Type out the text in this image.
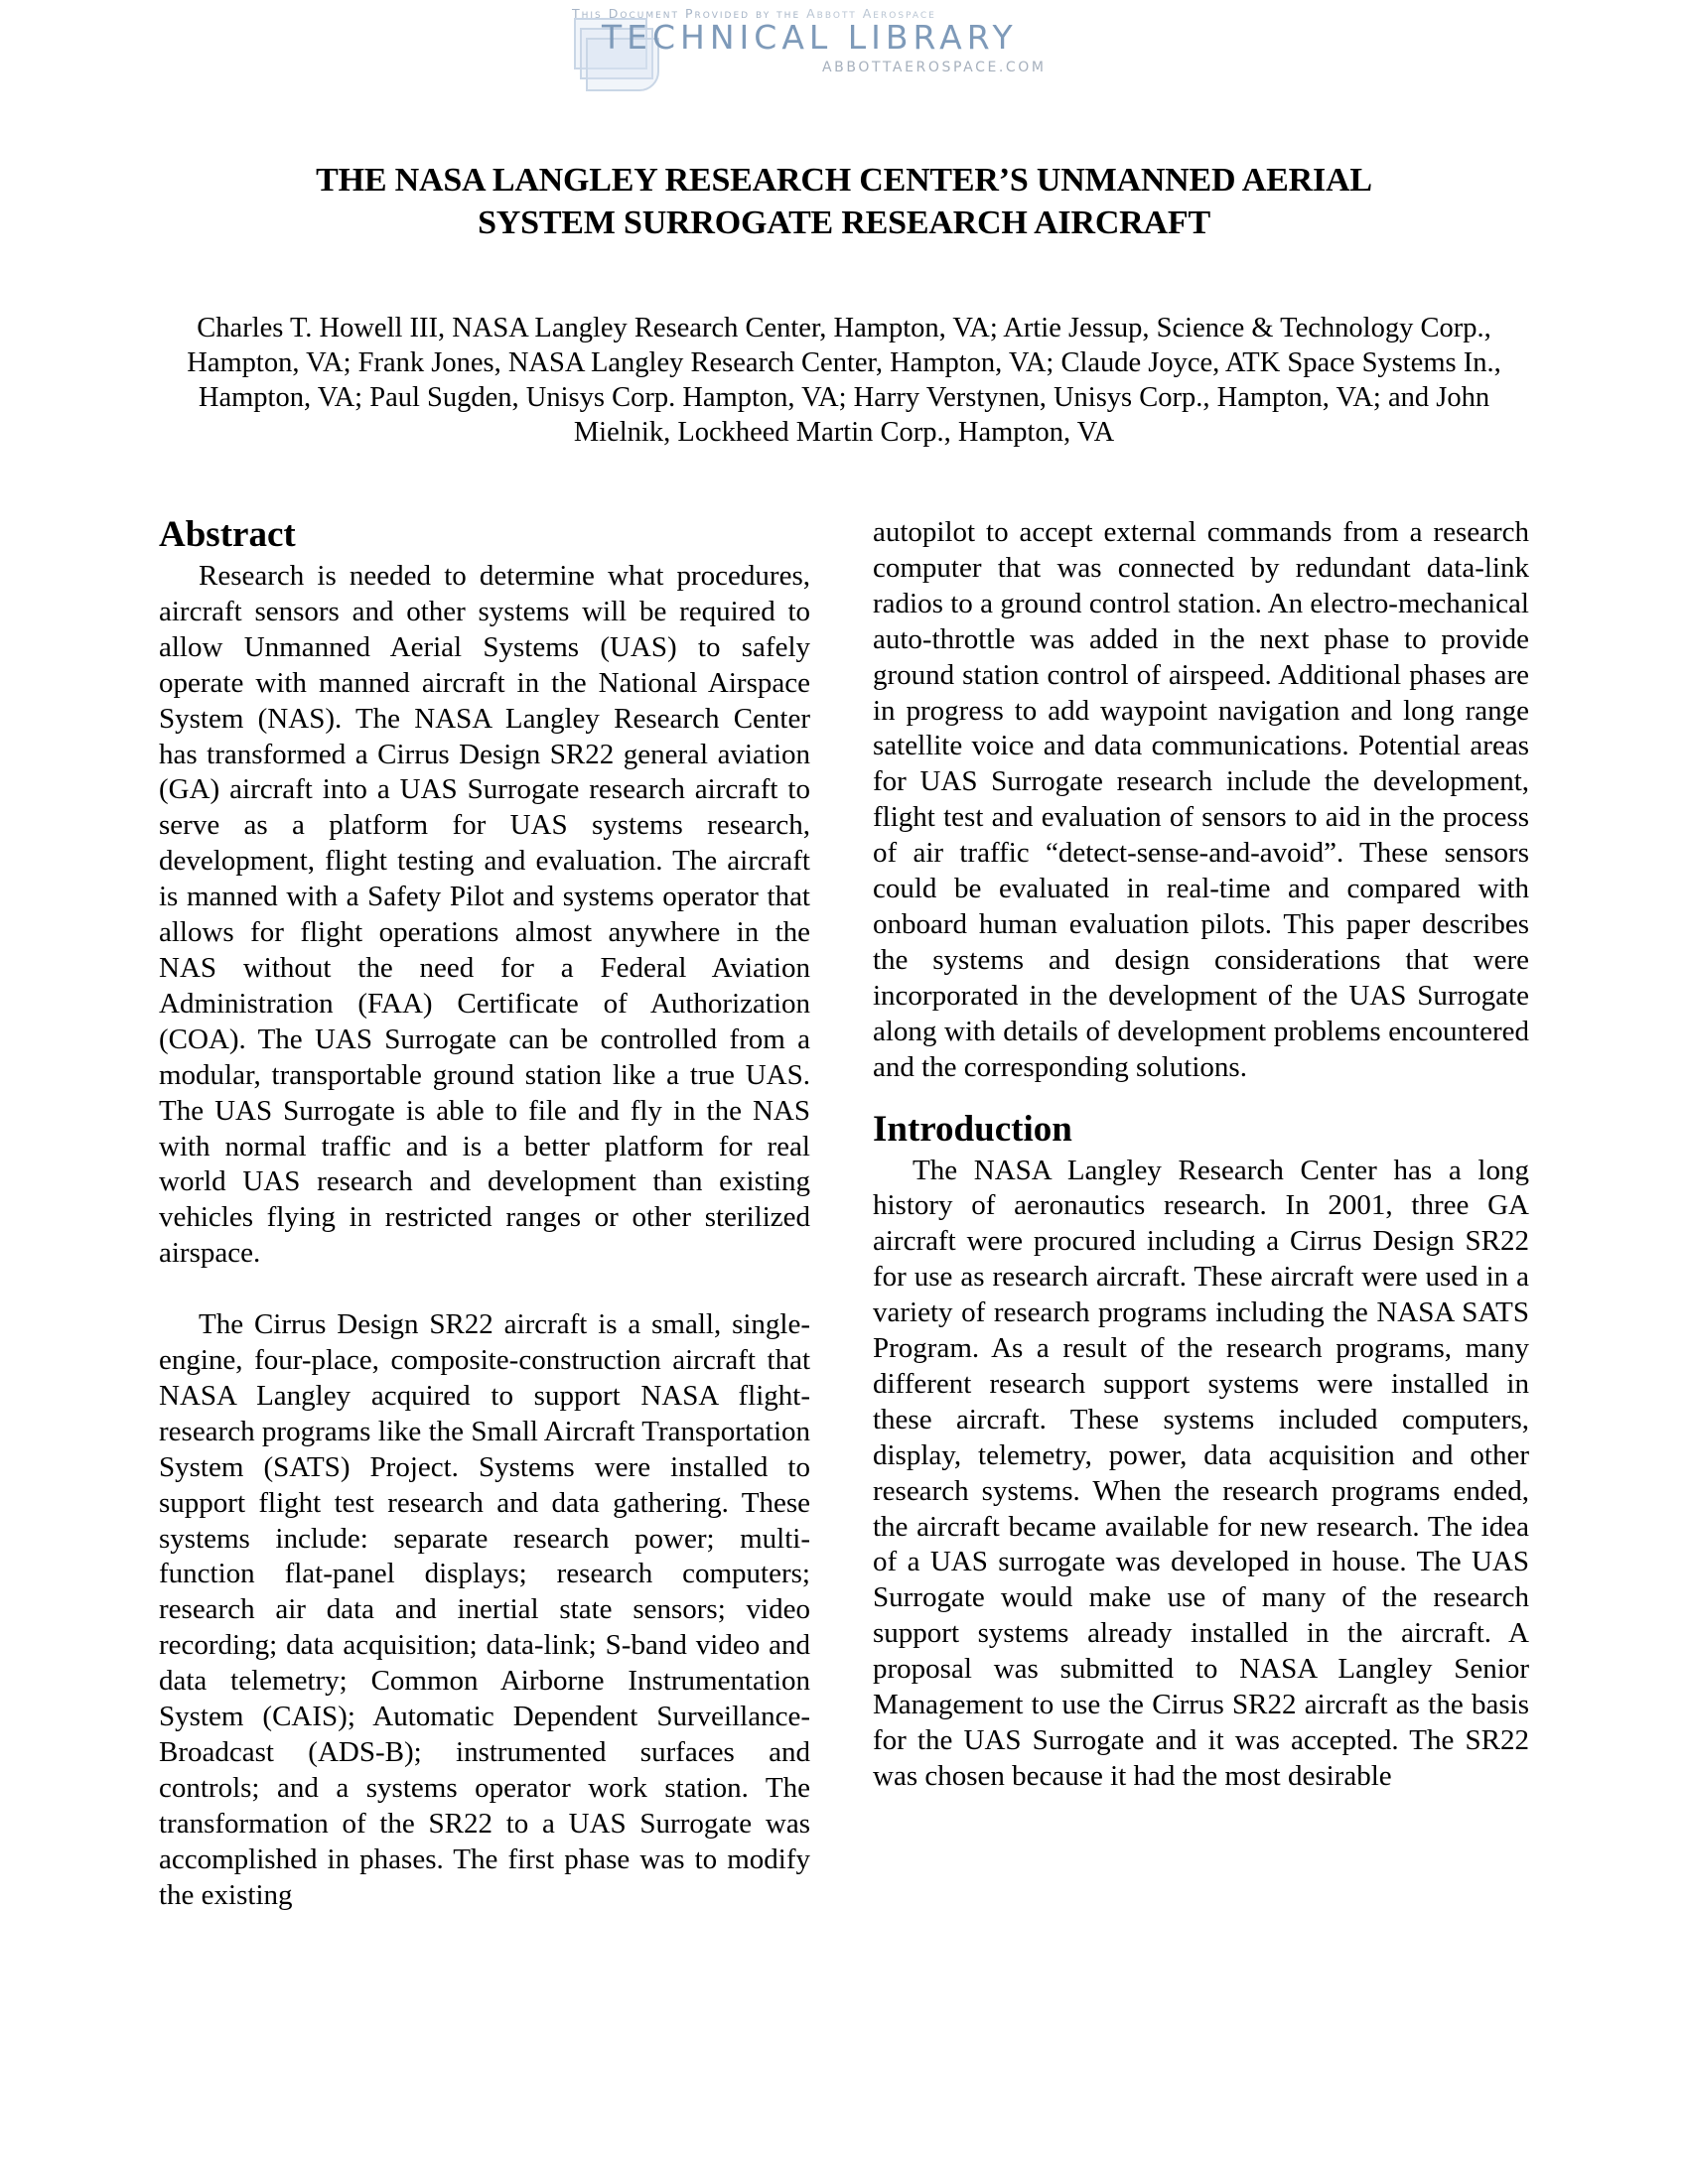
This Document Provided by the Abbott Aerospace
TECHNICAL LIBRARY
ABBOTTAEROSPACE.COM
THE NASA LANGLEY RESEARCH CENTER’S UNMANNED AERIAL
SYSTEM SURROGATE RESEARCH AIRCRAFT
Charles T. Howell III, NASA Langley Research Center, Hampton, VA; Artie Jessup, Science & Technology Corp., Hampton, VA; Frank Jones, NASA Langley Research Center, Hampton, VA; Claude Joyce, ATK Space Systems In., Hampton, VA; Paul Sugden, Unisys Corp. Hampton, VA; Harry Verstynen, Unisys Corp., Hampton, VA; and John Mielnik, Lockheed Martin Corp., Hampton, VA
Abstract

Research is needed to determine what procedures, aircraft sensors and other systems will be required to allow Unmanned Aerial Systems (UAS) to safely operate with manned aircraft in the National Airspace System (NAS). The NASA Langley Research Center has transformed a Cirrus Design SR22 general aviation (GA) aircraft into a UAS Surrogate research aircraft to serve as a platform for UAS systems research, development, flight testing and evaluation. The aircraft is manned with a Safety Pilot and systems operator that allows for flight operations almost anywhere in the NAS without the need for a Federal Aviation Administration (FAA) Certificate of Authorization (COA). The UAS Surrogate can be controlled from a modular, transportable ground station like a true UAS. The UAS Surrogate is able to file and fly in the NAS with normal traffic and is a better platform for real world UAS research and development than existing vehicles flying in restricted ranges or other sterilized airspace.

The Cirrus Design SR22 aircraft is a small, single-engine, four-place, composite-construction aircraft that NASA Langley acquired to support NASA flight-research programs like the Small Aircraft Transportation System (SATS) Project. Systems were installed to support flight test research and data gathering. These systems include: separate research power; multi-function flat-panel displays; research computers; research air data and inertial state sensors; video recording; data acquisition; data-link; S-band video and data telemetry; Common Airborne Instrumentation System (CAIS); Automatic Dependent Surveillance-Broadcast (ADS-B); instrumented surfaces and controls; and a systems operator work station. The transformation of the SR22 to a UAS Surrogate was accomplished in phases. The first phase was to modify the existing

autopilot to accept external commands from a research computer that was connected by redundant data-link radios to a ground control station. An electro-mechanical auto-throttle was added in the next phase to provide ground station control of airspeed. Additional phases are in progress to add waypoint navigation and long range satellite voice and data communications. Potential areas for UAS Surrogate research include the development, flight test and evaluation of sensors to aid in the process of air traffic “detect-sense-and-avoid”. These sensors could be evaluated in real-time and compared with onboard human evaluation pilots. This paper describes the systems and design considerations that were incorporated in the development of the UAS Surrogate along with details of development problems encountered and the corresponding solutions.

Introduction

The NASA Langley Research Center has a long history of aeronautics research. In 2001, three GA aircraft were procured including a Cirrus Design SR22 for use as research aircraft. These aircraft were used in a variety of research programs including the NASA SATS Program. As a result of the research programs, many different research support systems were installed in these aircraft. These systems included computers, display, telemetry, power, data acquisition and other research systems. When the research programs ended, the aircraft became available for new research. The idea of a UAS surrogate was developed in house. The UAS Surrogate would make use of many of the research support systems already installed in the aircraft. A proposal was submitted to NASA Langley Senior Management to use the Cirrus SR22 aircraft as the basis for the UAS Surrogate and it was accepted. The SR22 was chosen because it had the most desirable
